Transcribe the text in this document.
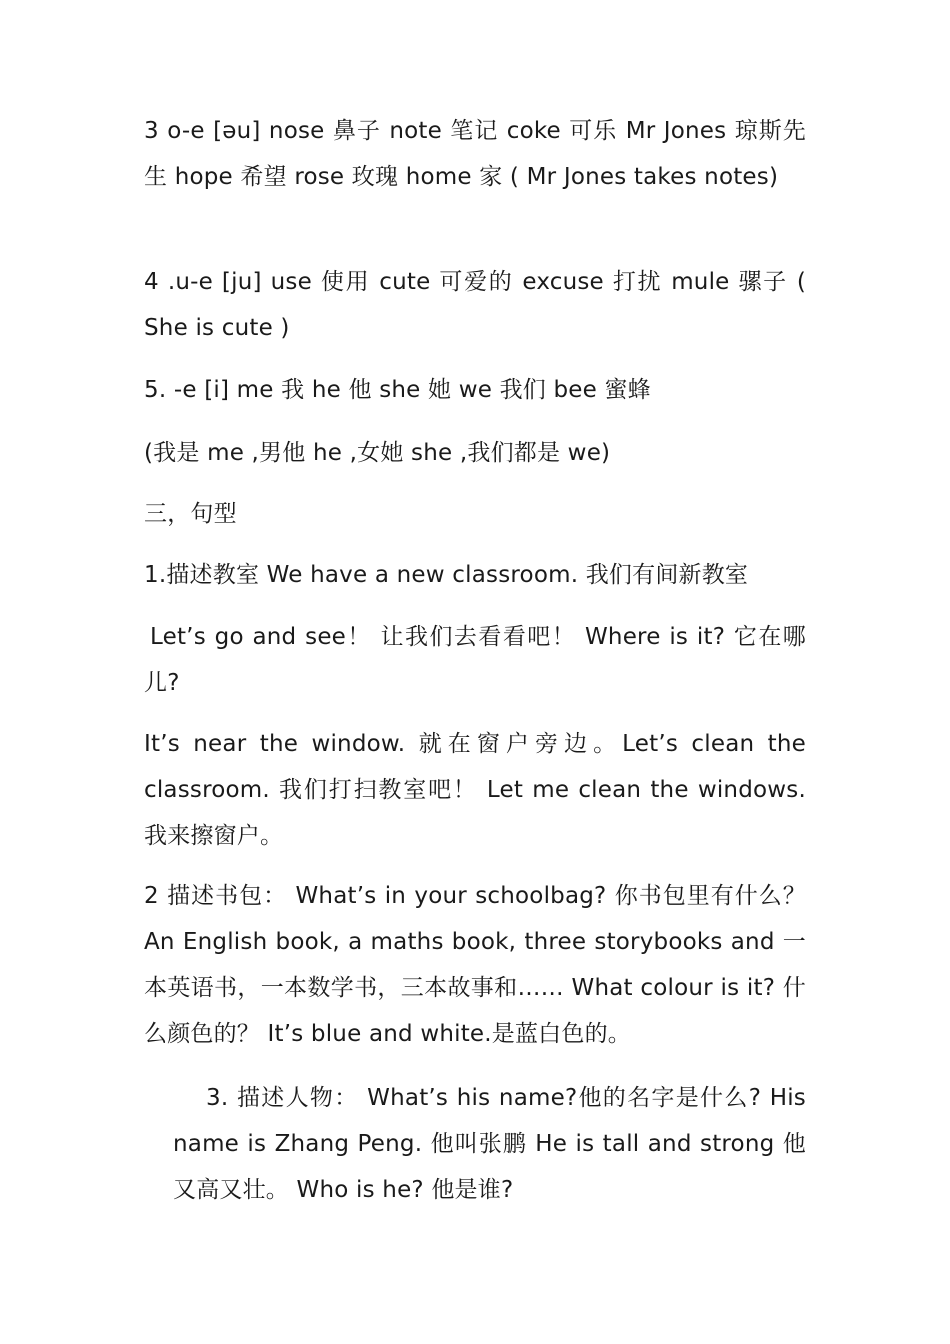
3 o-e [əu] nose 鼻子 note 笔记 coke 可乐 Mr Jones 琼斯先生 hope 希望 rose 玫瑰 home 家 ( Mr Jones takes notes)

4 .u-e [ju] use 使用 cute 可爱的 excuse 打扰 mule 骡子 ( She is cute )

5. -e [i] me 我 he 他 she 她 we 我们 bee 蜜蜂

(我是 me ,男他 he ,女她 she ,我们都是 we)

三，句型

1.描述教室 We have a new classroom. 我们有间新教室

Let’s go and see！ 让我们去看看吧！ Where is it? 它在哪儿?

It’s near the window. 就在窗户旁边。Let’s clean the classroom. 我们打扫教室吧！ Let me clean the windows. 我来擦窗户。

2 描述书包： What’s in your schoolbag? 你书包里有什么？An English book, a maths book, three storybooks and 一本英语书，一本数学书，三本故事和…… What colour is it? 什么颜色的？ It’s blue and white.是蓝白色的。

3. 描述人物： What’s his name?他的名字是什么? His name is Zhang Peng. 他叫张鹏 He is tall and strong 他又高又壮。 Who is he? 他是谁?
